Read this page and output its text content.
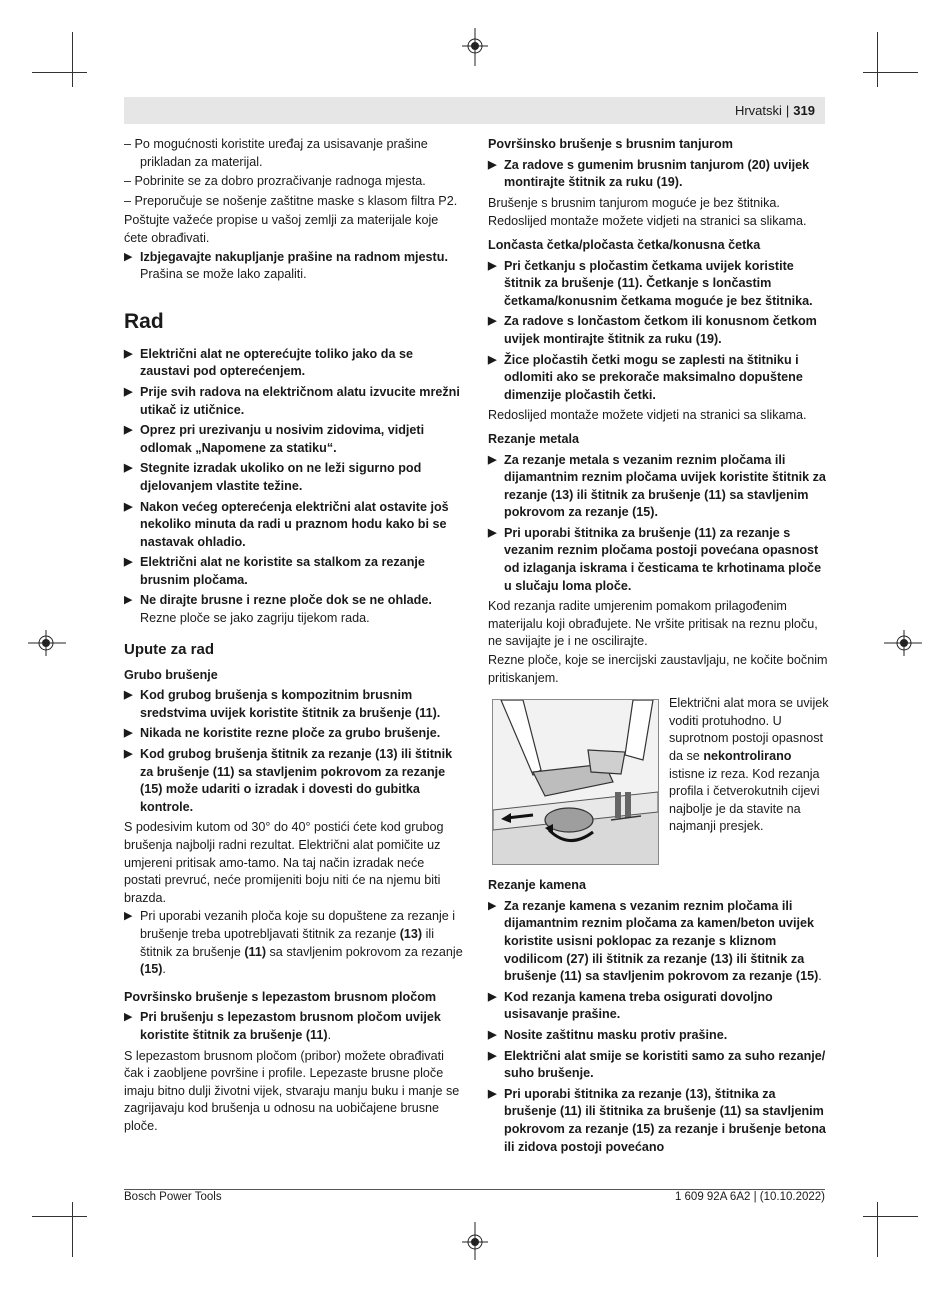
Hrvatski | 319

– Po mogućnosti koristite uređaj za usisavanje prašine prikladan za materijal.

– Pobrinite se za dobro prozračivanje radnoga mjesta.

– Preporučuje se nošenje zaštitne maske s klasom filtra P2.

Poštujte važeće propise u vašoj zemlji za materijale koje ćete obrađivati.

▶ Izbjegavajte nakupljanje prašine na radnom mjestu. Prašina se može lako zapaliti.
Rad
▶ Električni alat ne opterećujte toliko jako da se zaustavi pod opterećenjem.
▶ Prije svih radova na električnom alatu izvucite mrežni utikač iz utičnice.
▶ Oprez pri urezivanju u nosivim zidovima, vidjeti odlomak „Napomene za statiku“.
▶ Stegnite izradak ukoliko on ne leži sigurno pod djelovanjem vlastite težine.
▶ Nakon većeg opterećenja električni alat ostavite još nekoliko minuta da radi u praznom hodu kako bi se nastavak ohladio.
▶ Električni alat ne koristite sa stalkom za rezanje brusnim pločama.
▶ Ne dirajte brusne i rezne ploče dok se ne ohlade. Rezne ploče se jako zagriju tijekom rada.
Upute za rad
Grubo brušenje
▶ Kod grubog brušenja s kompozitnim brusnim sredstvima uvijek koristite štitnik za brušenje (11).
▶ Nikada ne koristite rezne ploče za grubo brušenje.
▶ Kod grubog brušenja štitnik za rezanje (13) ili štitnik za brušenje (11) sa stavljenim pokrovom za rezanje (15) može udariti o izradak i dovesti do gubitka kontrole.

S podesivim kutom od 30° do 40° postići ćete kod grubog brušenja najbolji radni rezultat. Električni alat pomičite uz umjereni pritisak amo-tamo. Na taj način izradak neće postati prevruć, neće promijeniti boju niti će na njemu biti brazda.

▶ Pri uporabi vezanih ploča koje su dopuštene za rezanje i brušenje treba upotrebljavati štitnik za rezanje (13) ili štitnik za brušenje (11) sa stavljenim pokrovom za rezanje (15).
Površinsko brušenje s lepezastom brusnom pločom
▶ Pri brušenju s lepezastom brusnom pločom uvijek koristite štitnik za brušenje (11).

S lepezastom brusnom pločom (pribor) možete obrađivati čak i zaobljene površine i profile. Lepezaste brusne ploče imaju bitno dulji životni vijek, stvaraju manju buku i manje se zagrijavaju kod brušenja u odnosu na uobičajene brusne ploče.

Površinsko brušenje s brusnim tanjurom
▶ Za radove s gumenim brusnim tanjurom (20) uvijek montirajte štitnik za ruku (19).

Brušenje s brusnim tanjurom moguće je bez štitnika.

Redoslijed montaže možete vidjeti na stranici sa slikama.

Lončasta četka/pločasta četka/konusna četka
▶ Pri četkanju s pločastim četkama uvijek koristite štitnik za brušenje (11). Četkanje s lončastim četkama/konusnim četkama moguće je bez štitnika.
▶ Za radove s lončastom četkom ili konusnom četkom uvijek montirajte štitnik za ruku (19).
▶ Žice pločastih četki mogu se zaplesti na štitniku i odlomiti ako se prekorače maksimalno dopuštene dimenzije pločastih četki.

Redoslijed montaže možete vidjeti na stranici sa slikama.

Rezanje metala
▶ Za rezanje metala s vezanim reznim pločama ili dijamantnim reznim pločama uvijek koristite štitnik za rezanje (13) ili štitnik za brušenje (11) sa stavljenim pokrovom za rezanje (15).
▶ Pri uporabi štitnika za brušenje (11) za rezanje s vezanim reznim pločama postoji povećana opasnost od izlaganja iskrama i česticama te krhotinama ploče u slučaju loma ploče.

Kod rezanja radite umjerenim pomakom prilagođenim materijalu koji obrađujete. Ne vršite pritisak na reznu ploču, ne savijajte je i ne oscilirajte.

Rezne ploče, koje se inercijski zaustavljaju, ne kočite bočnim pritiskanjem.

Električni alat mora se uvijek voditi protuhodno. U suprotnom postoji opasnost da se nekontrolirano istisne iz reza. Kod rezanja profila i četverokutnih cijevi najbolje je da stavite na najmanji presjek.
Rezanje kamena
▶ Za rezanje kamena s vezanim reznim pločama ili dijamantnim reznim pločama za kamen/beton uvijek koristite usisni poklopac za rezanje s kliznom vodilicom (27) ili štitnik za rezanje (13) ili štitnik za brušenje (11) sa stavljenim pokrovom za rezanje (15).
▶ Kod rezanja kamena treba osigurati dovoljno usisavanje prašine.
▶ Nosite zaštitnu masku protiv prašine.
▶ Električni alat smije se koristiti samo za suho rezanje/ suho brušenje.
▶ Pri uporabi štitnika za rezanje (13), štitnika za brušenje (11) ili štitnika za brušenje (11) sa stavljenim pokrovom za rezanje (15) za rezanje i brušenje betona ili zidova postoji povećano
Bosch Power Tools	1 609 92A 6A2 | (10.10.2022)
